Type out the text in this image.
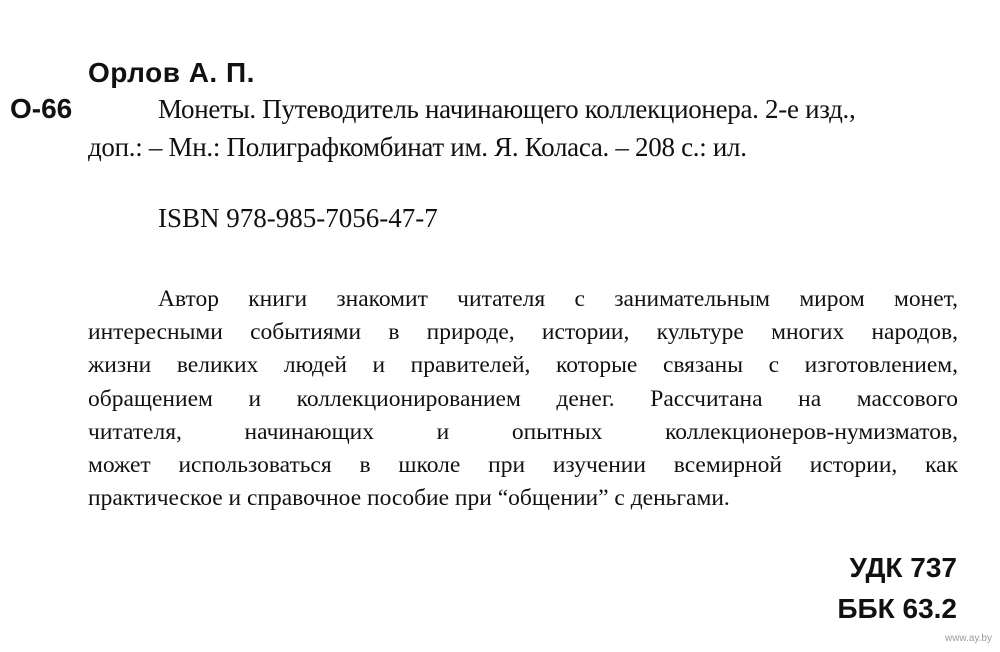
Орлов А. П.
О-66	Монеты. Путеводитель начинающего коллекционера. 2-е изд.,
доп.: – Мн.: Полиграфкомбинат им. Я. Коласа. – 208 с.: ил.
ISBN 978-985-7056-47-7
Автор книги знакомит читателя с занимательным миром монет,
интересными событиями в природе, истории, культуре многих народов,
жизни великих людей и правителей, которые связаны с изготовлением,
обращением и коллекционированием денег. Рассчитана на массового
читателя, начинающих и опытных коллекционеров-нумизматов,
может использоваться в школе при изучении всемирной истории, как
практическое и справочное пособие при “общении” с деньгами.
УДК 737
ББК 63.2
www.ay.by
